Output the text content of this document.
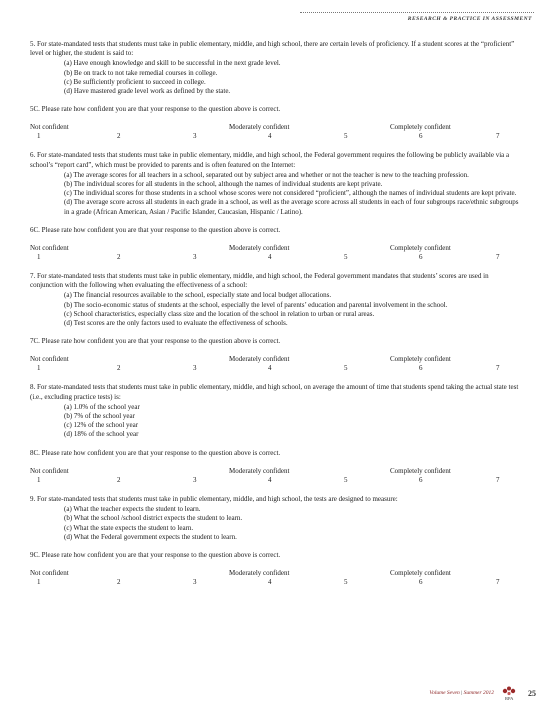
RESEARCH & PRACTICE IN ASSESSMENT

5. For state-mandated tests that students must take in public elementary, middle, and high school, there are certain levels of proficiency. If a student scores at the “proficient” level or higher, the student is said to:

(a) Have enough knowledge and skill to be successful in the next grade level.

(b) Be on track to not take remedial courses in college.

(c) Be sufficiently proficient to succeed in college.

(d) Have mastered grade level work as defined by the state.

5C. Please rate how confident you are that your response to the question above is correct.

Not confident	Moderately confident	Completely confident
1	2	3	4	5	6	7

6. For state-mandated tests that students must take in public elementary, middle, and high school, the Federal government requires the following be publicly available via a school’s “report card”, which must be provided to parents and is often featured on the Internet:

(a) The average scores for all teachers in a school, separated out by subject area and whether or not the teacher is new to the teaching profession.

(b) The individual scores for all students in the school, although the names of individual students are kept private.

(c) The individual scores for those students in a school whose scores were not considered “proficient”, although the names of individual students are kept private.

(d) The average score across all students in each grade in a school, as well as the average score across all students in each of four subgroups race/ethnic subgroups in a grade (African American, Asian / Pacific Islander, Caucasian, Hispanic / Latino).

6C. Please rate how confident you are that your response to the question above is correct.

Not confident	Moderately confident	Completely confident
1	2	3	4	5	6	7

7. For state-mandated tests that students must take in public elementary, middle, and high school, the Federal government mandates that students’ scores are used in conjunction with the following when evaluating the effectiveness of a school:

(a) The financial resources available to the school, especially state and local budget allocations.

(b) The socio-economic status of students at the school, especially the level of parents’ education and parental involvement in the school.

(c) School characteristics, especially class size and the location of the school in relation to urban or rural areas.

(d) Test scores are the only factors used to evaluate the effectiveness of schools.

7C. Please rate how confident you are that your response to the question above is correct.

Not confident	Moderately confident	Completely confident
1	2	3	4	5	6	7

8. For state-mandated tests that students must take in public elementary, middle, and high school, on average the amount of time that students spend taking the actual state test (i.e., excluding practice tests) is:

(a) 1.0% of the school year

(b) 7% of the school year

(c) 12% of the school year

(d) 18% of the school year

8C. Please rate how confident you are that your response to the question above is correct.

Not confident	Moderately confident	Completely confident
1	2	3	4	5	6	7

9. For state-mandated tests that students must take in public elementary, middle, and high school, the tests are designed to measure:

(a) What the teacher expects the student to learn.

(b) What the school /school district expects the student to learn.

(c) What the state expects the student to learn.

(d) What the Federal government expects the student to learn.

9C. Please rate how confident you are that your response to the question above is correct.

Not confident	Moderately confident	Completely confident
1	2	3	4	5	6	7
Volume Seven | Summer 2012
RPA
25
